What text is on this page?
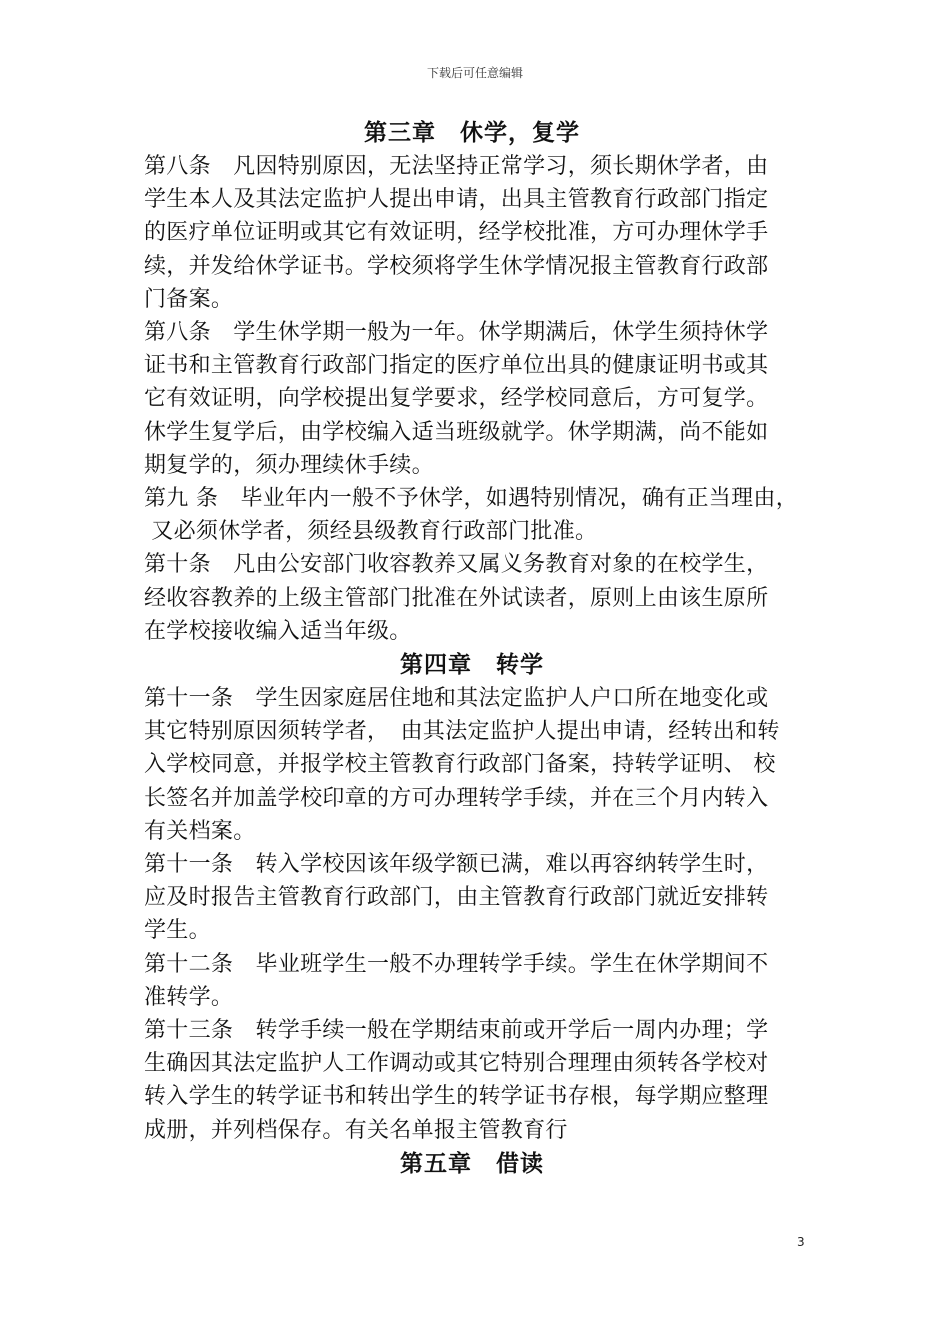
下载后可任意编辑
第三章　休学，复学
第八条　凡因特别原因，无法坚持正常学习，须长期休学者，由
学生本人及其法定监护人提出申请，出具主管教育行政部门指定
的医疗单位证明或其它有效证明，经学校批准，方可办理休学手
续，并发给休学证书。学校须将学生休学情况报主管教育行政部
门备案。
第八条　学生休学期一般为一年。休学期满后，休学生须持休学
证书和主管教育行政部门指定的医疗单位出具的健康证明书或其
它有效证明，向学校提出复学要求，经学校同意后，方可复学。
休学生复学后，由学校编入适当班级就学。休学期满，尚不能如
期复学的，须办理续休手续。
第九 条　毕业年内一般不予休学，如遇特别情况，确有正当理由，
又必须休学者，须经县级教育行政部门批准。
第十条　凡由公安部门收容教养又属义务教育对象的在校学生，
经收容教养的上级主管部门批准在外试读者，原则上由该生原所
在学校接收编入适当年级。
第四章　转学
第十一条　学生因家庭居住地和其法定监护人户口所在地变化或
其它特别原因须转学者，　由其法定监护人提出申请，经转出和转
入学校同意，并报学校主管教育行政部门备案，持转学证明、 校
长签名并加盖学校印章的方可办理转学手续，并在三个月内转入
有关档案。
第十一条　转入学校因该年级学额已满，难以再容纳转学生时，
应及时报告主管教育行政部门，由主管教育行政部门就近安排转
学生。
第十二条　毕业班学生一般不办理转学手续。学生在休学期间不
准转学。
第十三条　转学手续一般在学期结束前或开学后一周内办理；学
生确因其法定监护人工作调动或其它特别合理理由须转各学校对
转入学生的转学证书和转出学生的转学证书存根，每学期应整理
成册，并列档保存。有关名单报主管教育行
第五章　借读
3
